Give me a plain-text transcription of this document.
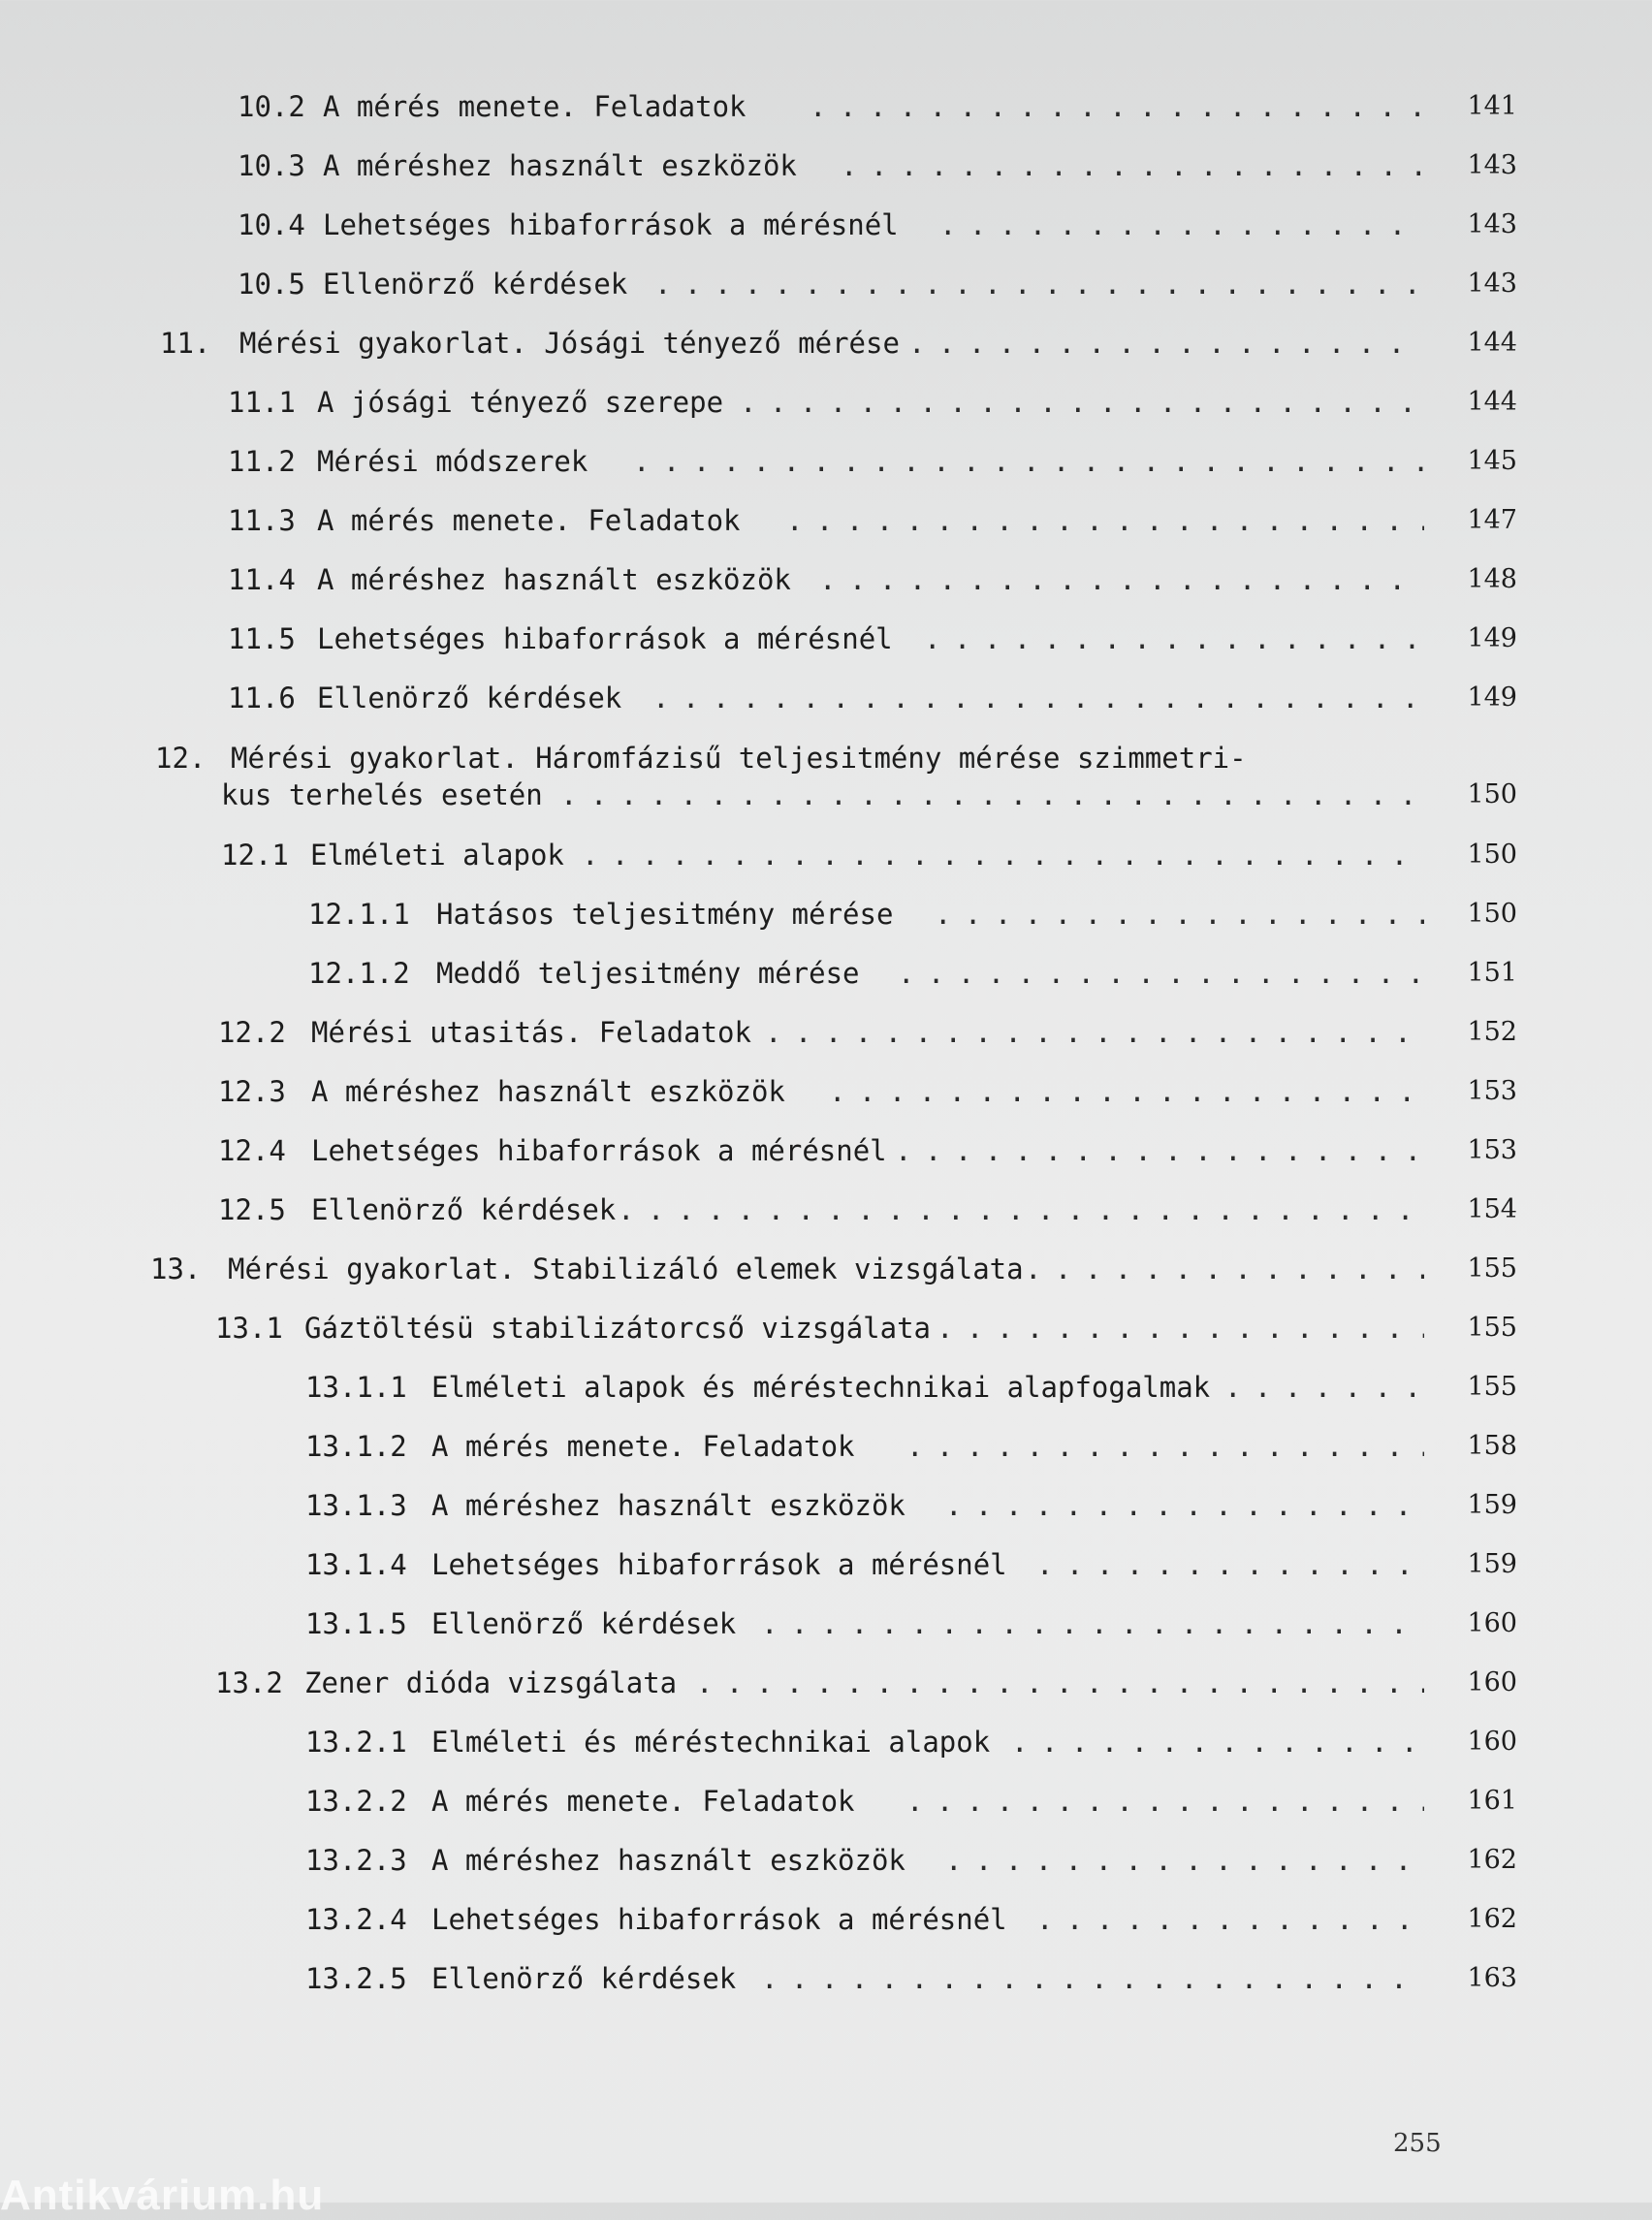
10.2 A mérés menete. Feladatok . . .	141
10.3 A méréshez használt eszközök . . .	143
10.4 Lehetséges hibaforrások a mérésnél . . .	143
10.5 Ellenörző kérdések . . .	143
11. Mérési gyakorlat. Jósági tényező mérése . . .	144
11.1 A jósági tényező szerepe . . .	144
11.2 Mérési módszerek . . .	145
11.3 A mérés menete. Feladatok . . .	147
11.4 A méréshez használt eszközök . . .	148
11.5 Lehetséges hibaforrások a mérésnél . . .	149
11.6 Ellenörző kérdések . . .	149
12. Mérési gyakorlat. Háromfázisű teljesitmény mérése szimmetri-
kus terhelés esetén . . .	150
12.1 Elméleti alapok . . .	150
12.1.1 Hatásos teljesitmény mérése . . .	150
12.1.2 Meddő teljesitmény mérése . . .	151
12.2 Mérési utasitás. Feladatok . . .	152
12.3 A méréshez használt eszközök . . .	153
12.4 Lehetséges hibaforrások a mérésnél . . .	153
12.5 Ellenörző kérdések . . .	154
13. Mérési gyakorlat. Stabilizáló elemek vizsgálata . . .	155
13.1 Gáztöltésü stabilizátorcső vizsgálata . . .	155
13.1.1 Elméleti alapok és méréstechnikai alapfogalmak . . .	155
13.1.2 A mérés menete. Feladatok . . .	158
13.1.3 A méréshez használt eszközök . . .	159
13.1.4 Lehetséges hibaforrások a mérésnél . . .	159
13.1.5 Ellenörző kérdések . . .	160
13.2 Zener dióda vizsgálata . . .	160
13.2.1 Elméleti és méréstechnikai alapok . . .	160
13.2.2 A mérés menete. Feladatok . . .	161
13.2.3 A méréshez használt eszközök . . .	162
13.2.4 Lehetséges hibaforrások a mérésnél . . .	162
13.2.5 Ellenörző kérdések . . .	163
255
Antikvárium.hu
